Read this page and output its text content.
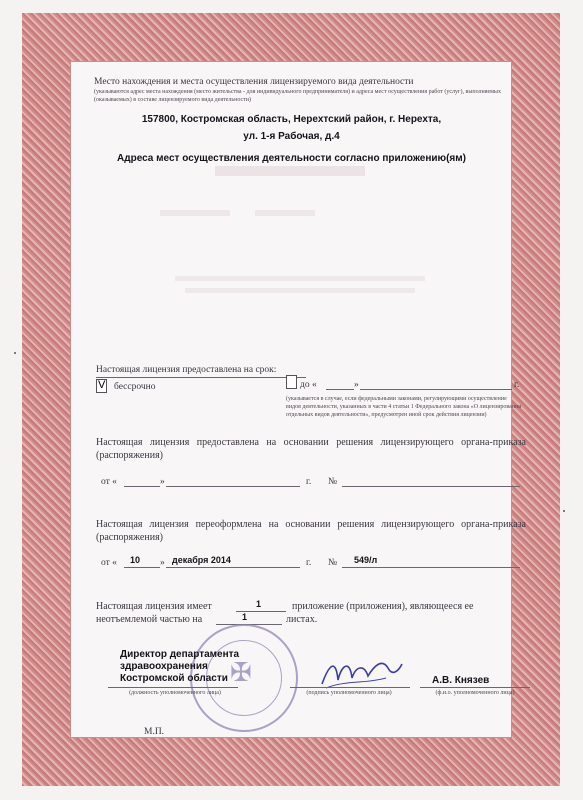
Место нахождения и места осуществления лицензируемого вида деятельности
(указываются адрес места нахождения (место жительства - для индивидуального предпринимателя) и адреса мест осуществления работ (услуг), выполняемых (оказываемых) в составе лицензируемого вида деятельности)
157800, Костромская область, Нерехтский район, г. Нерехта,
ул. 1-я Рабочая, д.4
Адреса мест осуществления деятельности согласно приложению(ям)
Настоящая лицензия предоставлена на срок:
V бессрочно	до «	»	г.
(указывается в случае, если федеральными законами, регулирующими осуществление видов деятельности, указанных в части 4 статьи 1 Федерального закона «О лицензировании отдельных видов деятельности», предусмотрен иной срок действия лицензии)
Настоящая лицензия предоставлена на основании решения лицензирующего органа-приказа (распоряжения)
от «	»	г. №
Настоящая лицензия переоформлена на основании решения лицензирующего органа-приказа (распоряжения)
от « 10 » декабря 2014	г. № 549/л
Настоящая лицензия имеет	1	приложение (приложения), являющееся ее
неотъемлемой частью на	1	листах.
✠
Директор департамента
здравоохранения
Костромской области	А.В. Князев
(должность уполномоченного лица)	(подпись уполномоченного лица)	(ф.и.о. уполномоченного лица)
М.П.
